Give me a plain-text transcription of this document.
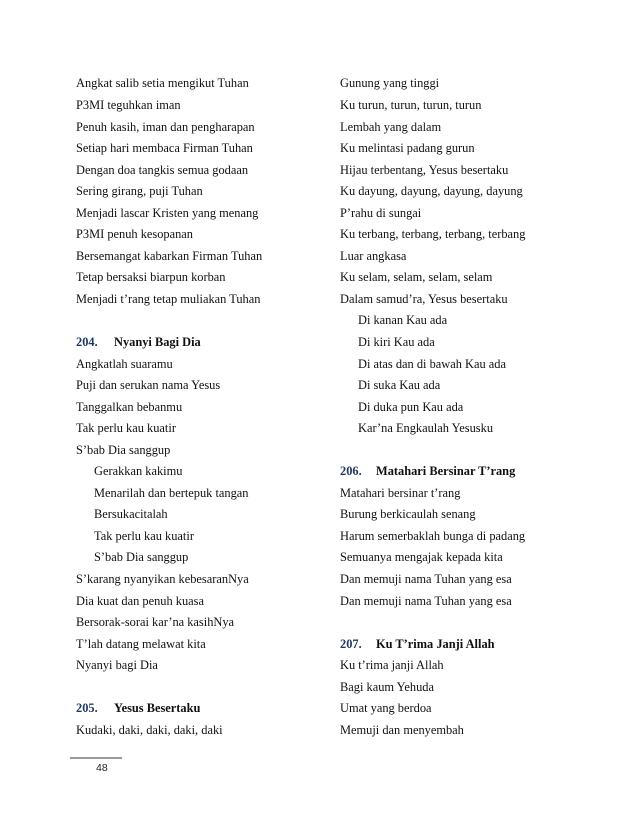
Angkat salib setia mengikut Tuhan
P3MI teguhkan iman
Penuh kasih, iman dan pengharapan
Setiap hari membaca Firman Tuhan
Dengan doa tangkis semua godaan
Sering girang, puji Tuhan
Menjadi lascar Kristen yang menang
P3MI penuh kesopanan
Bersemangat kabarkan Firman Tuhan
Tetap bersaksi biarpun korban
Menjadi t’rang tetap muliakan Tuhan
204. Nyanyi Bagi Dia
Angkatlah suaramu
Puji dan serukan nama Yesus
Tanggalkan bebanmu
Tak perlu kau kuatir
S’bab Dia sanggup
Gerakkan kakimu
Menarilah dan bertepuk tangan
Bersukacitalah
Tak perlu kau kuatir
S’bab Dia sanggup
S’karang nyanyikan kebesaranNya
Dia kuat dan penuh kuasa
Bersorak-sorai kar’na kasihNya
T’lah datang melawat kita
Nyanyi bagi Dia
205. Yesus Besertaku
Kudaki, daki, daki, daki, daki
Gunung yang tinggi
Ku turun, turun, turun, turun
Lembah yang dalam
Ku melintasi padang gurun
Hijau terbentang, Yesus besertaku
Ku dayung, dayung, dayung, dayung
P’rahu di sungai
Ku terbang, terbang, terbang, terbang
Luar angkasa
Ku selam, selam, selam, selam
Dalam samud’ra, Yesus besertaku
Di kanan Kau ada
Di kiri Kau ada
Di atas dan di bawah Kau ada
Di suka Kau ada
Di duka pun Kau ada
Kar’na Engkaulah Yesusku
206. Matahari Bersinar T’rang
Matahari bersinar t’rang
Burung berkicaulah senang
Harum semerbaklah bunga di padang
Semuanya mengajak kepada kita
Dan memuji nama Tuhan yang esa
Dan memuji nama Tuhan yang esa
207. Ku T’rima Janji Allah
Ku t’rima janji Allah
Bagi kaum Yehuda
Umat yang berdoa
Memuji dan menyembah
48
